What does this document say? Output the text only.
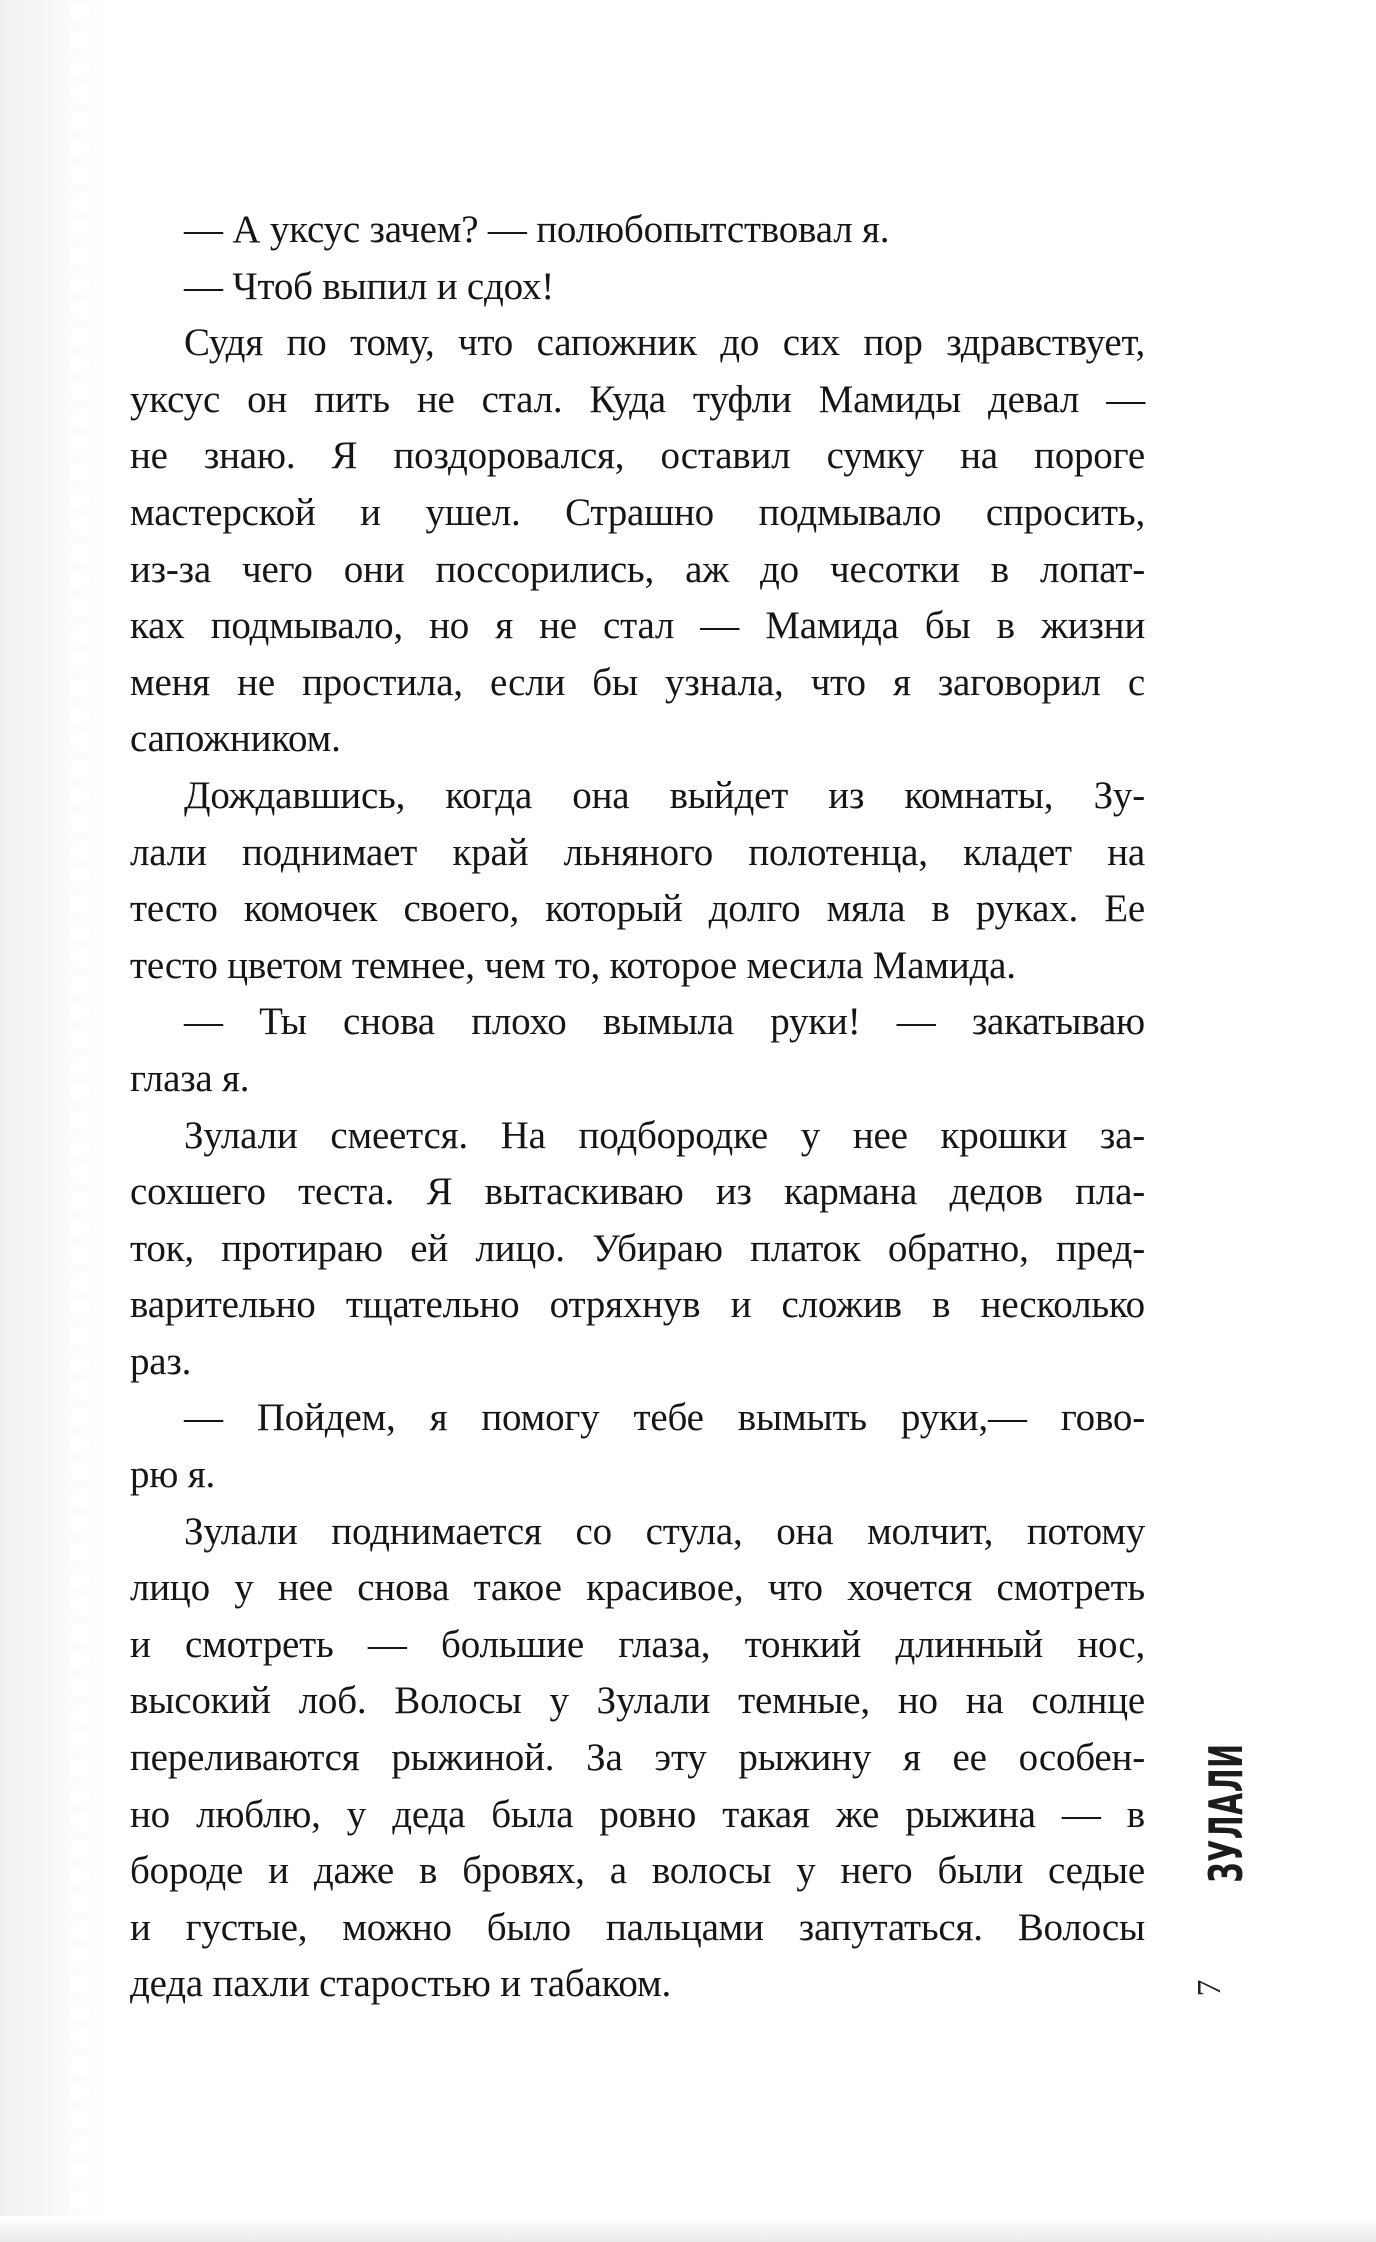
— А уксус зачем? — полюбопытствовал я.
— Чтоб выпил и сдох!
Судя по тому, что сапожник до сих пор здравствует,
уксус он пить не стал. Куда туфли Мамиды девал —
не знаю. Я поздоровался, оставил сумку на пороге
мастерской и ушел. Страшно подмывало спросить,
из-за чего они поссорились, аж до чесотки в лопат-
ках подмывало, но я не стал — Мамида бы в жизни
меня не простила, если бы узнала, что я заговорил с
сапожником.
Дождавшись, когда она выйдет из комнаты, Зу-
лали поднимает край льняного полотенца, кладет на
тесто комочек своего, который долго мяла в руках. Ее
тесто цветом темнее, чем то, которое месила Мамида.
— Ты снова плохо вымыла руки! — закатываю
глаза я.
Зулали смеется. На подбородке у нее крошки за-
сохшего теста. Я вытаскиваю из кармана дедов пла-
ток, протираю ей лицо. Убираю платок обратно, пред-
варительно тщательно отряхнув и сложив в несколько
раз.
— Пойдем, я помогу тебе вымыть руки,— гово-
рю я.
Зулали поднимается со стула, она молчит, потому
лицо у нее снова такое красивое, что хочется смотреть
и смотреть — большие глаза, тонкий длинный нос,
высокий лоб. Волосы у Зулали темные, но на солнце
переливаются рыжиной. За эту рыжину я ее особен-
но люблю, у деда была ровно такая же рыжина — в
бороде и даже в бровях, а волосы у него были седые
и густые, можно было пальцами запутаться. Волосы
деда пахли старостью и табаком.
ЗУЛАЛИ
7
